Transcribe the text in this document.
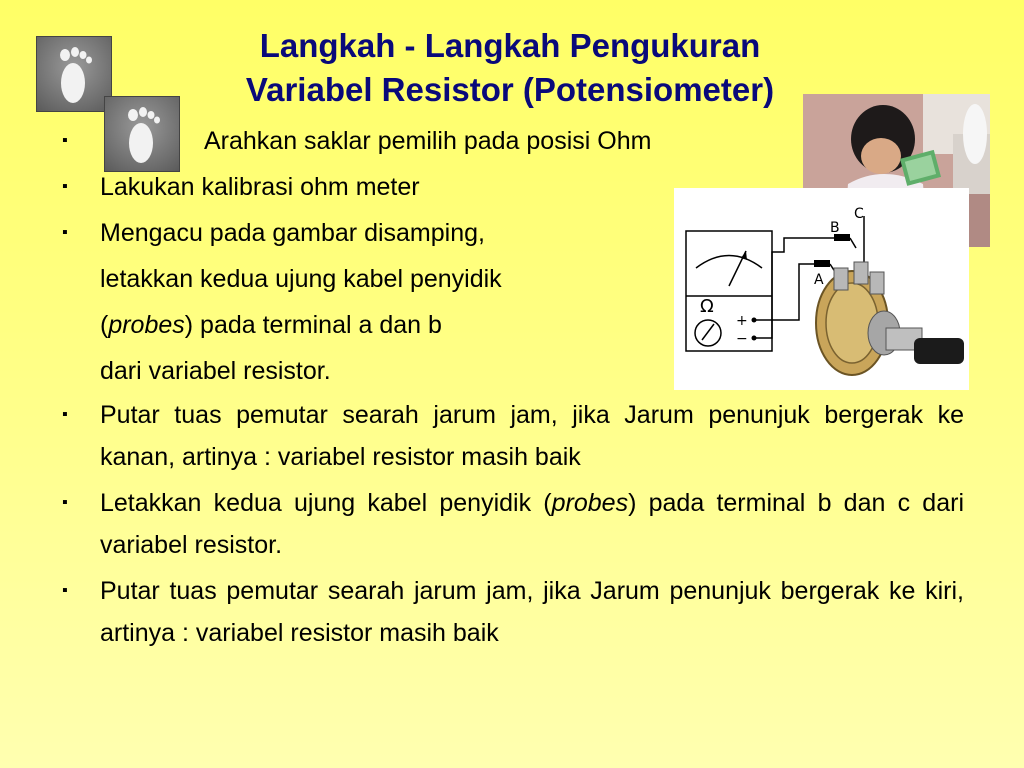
Langkah - Langkah Pengukuran
Variabel Resistor (Potensiometer)
Ω
+
−
B
C
A
▪	Arahkan saklar pemilih pada posisi Ohm
▪ Lakukan kalibrasi ohm meter
▪ Mengacu pada gambar disamping,
letakkan kedua ujung kabel penyidik
(probes) pada terminal a dan b
dari variabel resistor.
▪ Putar tuas pemutar searah jarum jam, jika Jarum penunjuk bergerak ke kanan, artinya : variabel resistor masih baik
▪ Letakkan kedua ujung kabel penyidik (probes) pada terminal b dan c dari variabel resistor.
▪ Putar tuas pemutar searah jarum jam, jika Jarum penunjuk bergerak ke kiri, artinya : variabel resistor masih baik
